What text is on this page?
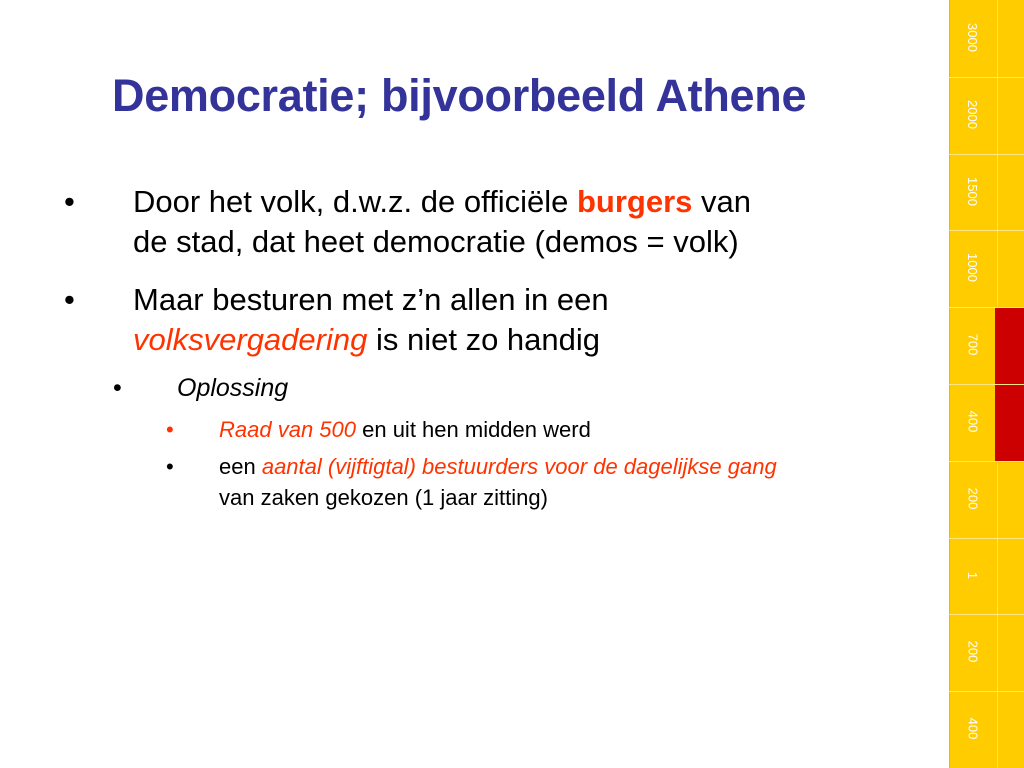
Democratie; bijvoorbeeld Athene
• Door het volk, d.w.z. de officiële burgers van
de stad, dat heet democratie (demos = volk)
• Maar besturen met z’n allen in een
volksvergadering is niet zo handig
• Oplossing
• Raad van 500 en uit hen midden werd
• een aantal (vijftigtal) bestuurders voor de dagelijkse gang
van zaken gekozen (1 jaar zitting)
3000
2000
1500
1000
700
400
200
1
200
400
